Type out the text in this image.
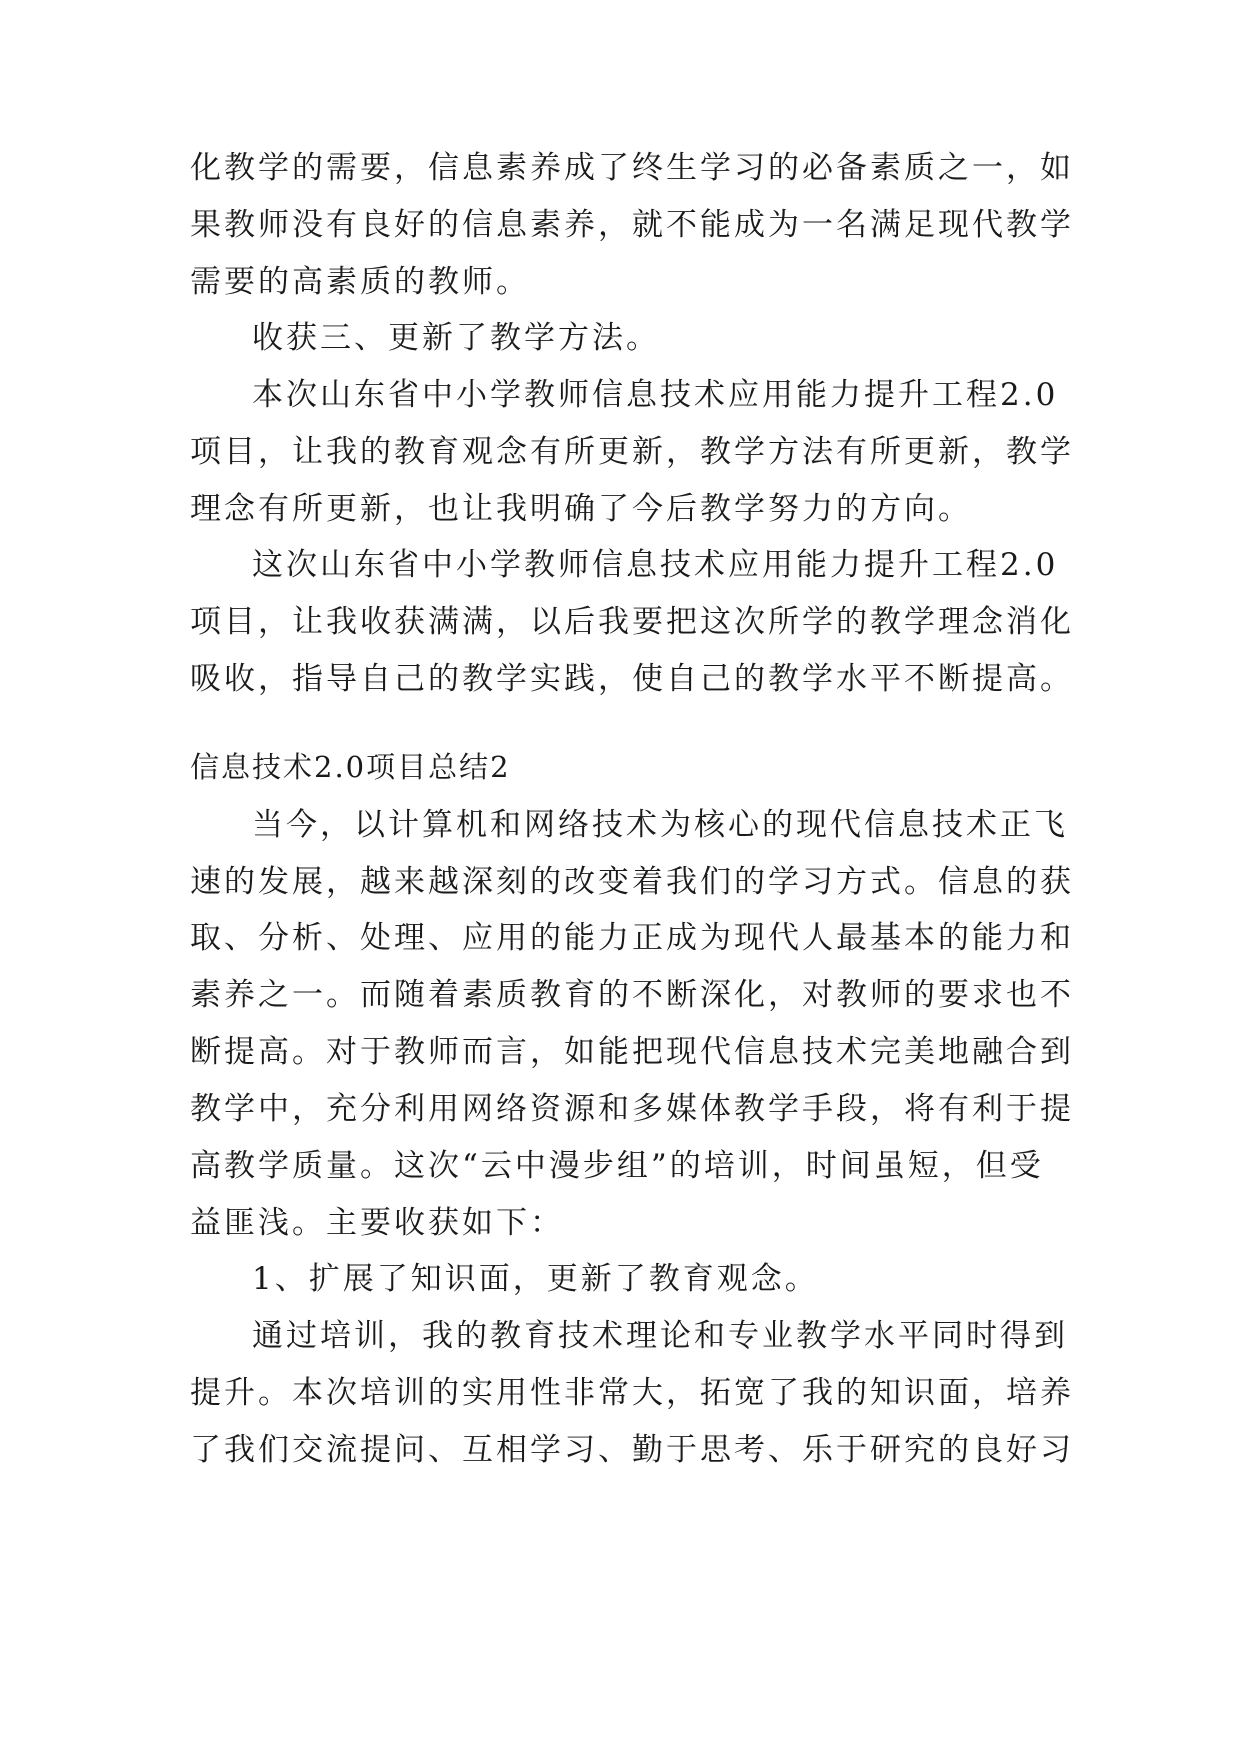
化教学的需要，信息素养成了终生学习的必备素质之一，如
果教师没有良好的信息素养，就不能成为一名满足现代教学
需要的高素质的教师。
收获三、更新了教学方法。
本次山东省中小学教师信息技术应用能力提升工程2.0
项目，让我的教育观念有所更新，教学方法有所更新，教学
理念有所更新，也让我明确了今后教学努力的方向。
这次山东省中小学教师信息技术应用能力提升工程2.0
项目，让我收获满满，以后我要把这次所学的教学理念消化
吸收，指导自己的教学实践，使自己的教学水平不断提高。
信息技术2.0项目总结2
当今，以计算机和网络技术为核心的现代信息技术正飞
速的发展，越来越深刻的改变着我们的学习方式。信息的获
取、分析、处理、应用的能力正成为现代人最基本的能力和
素养之一。而随着素质教育的不断深化，对教师的要求也不
断提高。对于教师而言，如能把现代信息技术完美地融合到
教学中，充分利用网络资源和多媒体教学手段，将有利于提
高教学质量。这次“云中漫步组”的培训，时间虽短，但受
益匪浅。主要收获如下：
1、扩展了知识面，更新了教育观念。
通过培训，我的教育技术理论和专业教学水平同时得到
提升。本次培训的实用性非常大，拓宽了我的知识面，培养
了我们交流提问、互相学习、勤于思考、乐于研究的良好习
